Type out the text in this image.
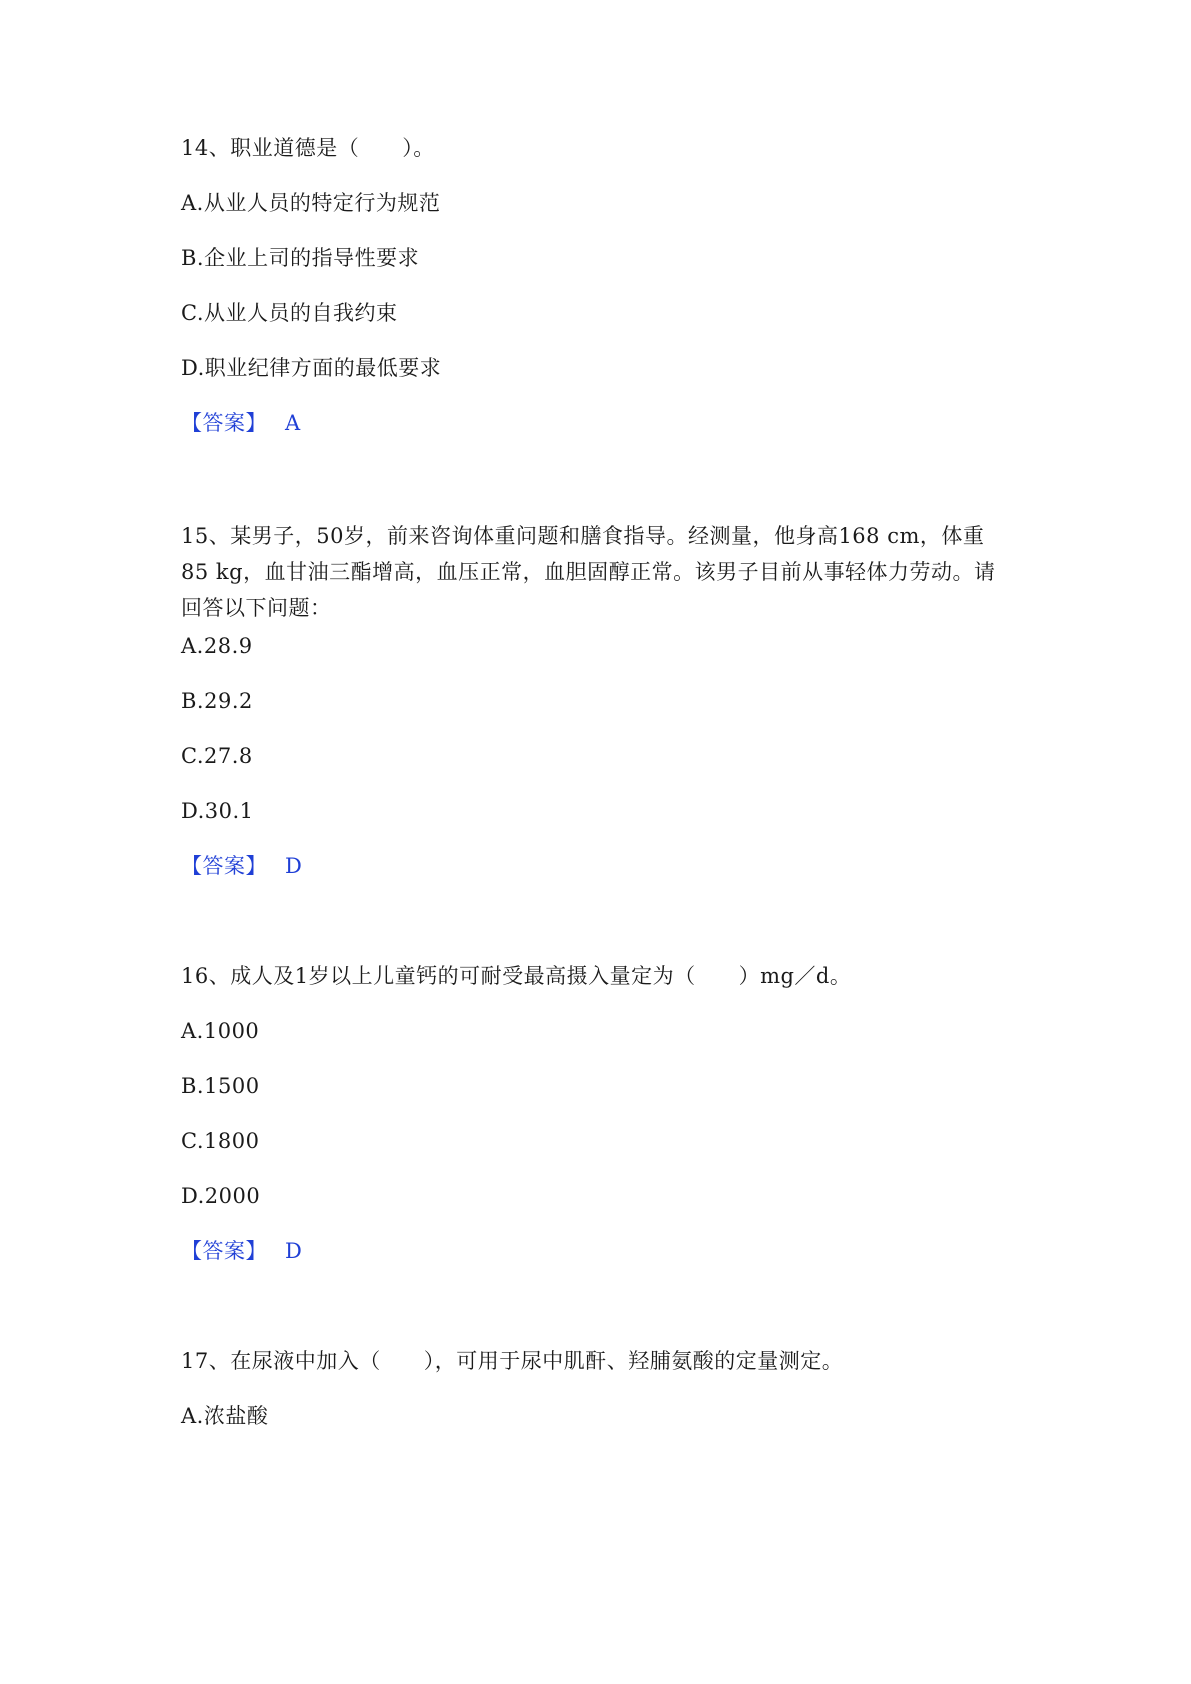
14、职业道德是（　　）。
A.从业人员的特定行为规范
B.企业上司的指导性要求
C.从业人员的自我约束
D.职业纪律方面的最低要求
【答案】 A
15、某男子，50岁，前来咨询体重问题和膳食指导。经测量，他身高168 cm，体重85 kg，血甘油三酯增高，血压正常，血胆固醇正常。该男子目前从事轻体力劳动。请回答以下问题：
A.28.9
B.29.2
C.27.8
D.30.1
【答案】 D
16、成人及1岁以上儿童钙的可耐受最高摄入量定为（　　）mg／d。
A.1000
B.1500
C.1800
D.2000
【答案】 D
17、在尿液中加入（　　），可用于尿中肌酐、羟脯氨酸的定量测定。
A.浓盐酸
